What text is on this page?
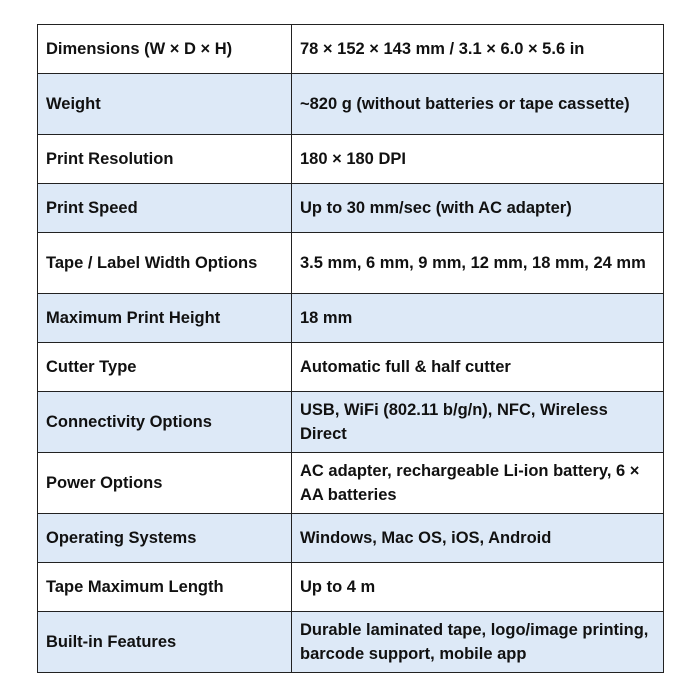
Dimensions (W × D × H)	78 × 152 × 143 mm / 3.1 × 6.0 × 5.6 in
Weight	~820 g (without batteries or tape cassette)
Print Resolution	180 × 180 DPI
Print Speed	Up to 30 mm/sec (with AC adapter)
Tape / Label Width Options	3.5 mm, 6 mm, 9 mm, 12 mm, 18 mm, 24 mm
Maximum Print Height	18 mm
Cutter Type	Automatic full & half cutter
Connectivity Options	USB, WiFi (802.11 b/g/n), NFC, Wireless Direct
Power Options	AC adapter, rechargeable Li-ion battery, 6 × AA batteries
Operating Systems	Windows, Mac OS, iOS, Android
Tape Maximum Length	Up to 4 m
Built-in Features	Durable laminated tape, logo/image printing, barcode support, mobile app
